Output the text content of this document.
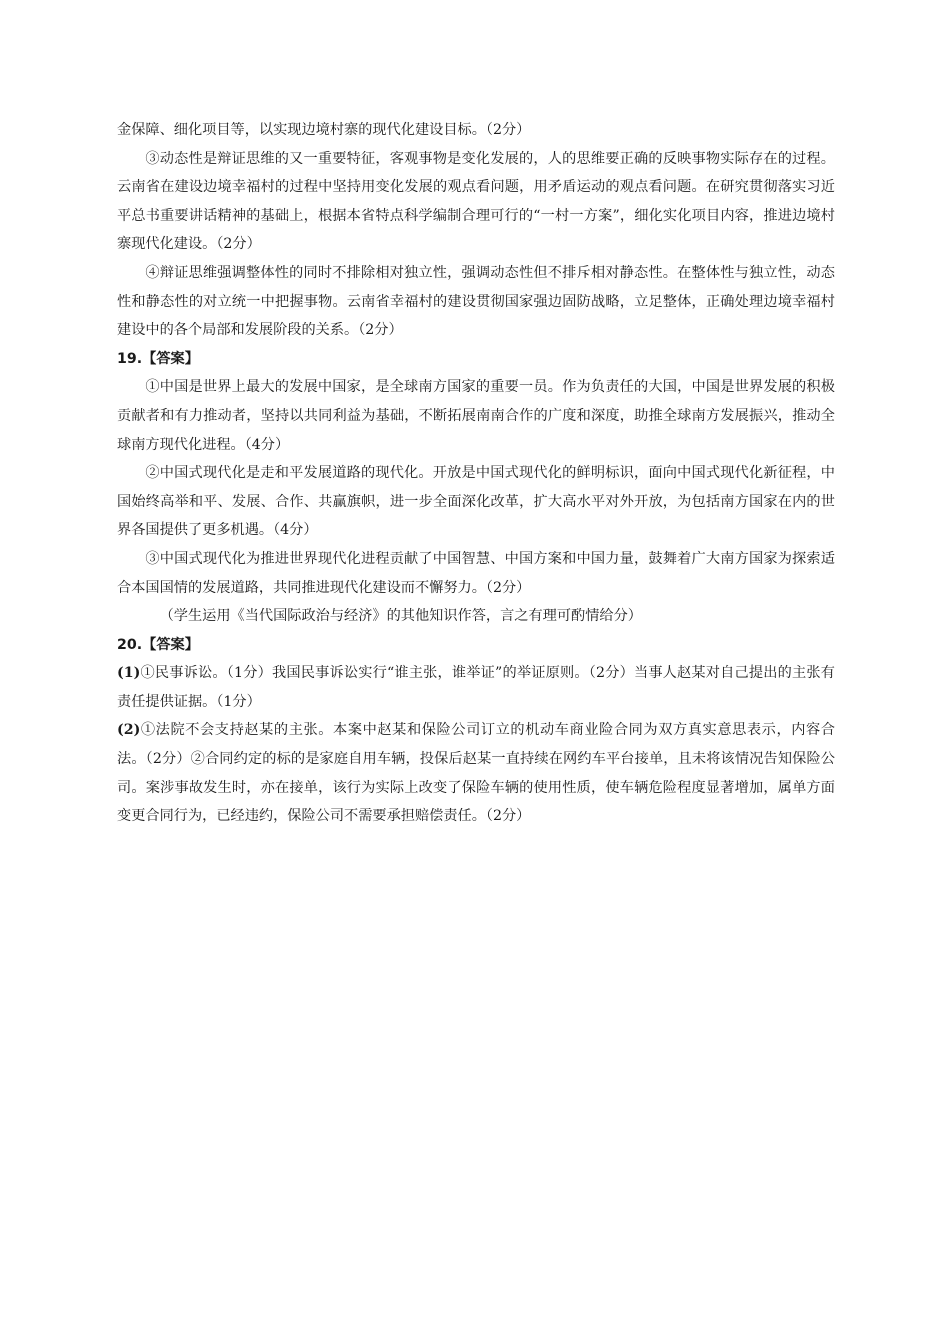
金保障、细化项目等，以实现边境村寨的现代化建设目标。（2分）

③动态性是辩证思维的又一重要特征，客观事物是变化发展的，人的思维要正确的反映事物实际存在的过程。云南省在建设边境幸福村的过程中坚持用变化发展的观点看问题，用矛盾运动的观点看问题。在研究贯彻落实习近平总书重要讲话精神的基础上，根据本省特点科学编制合理可行的“一村一方案”，细化实化项目内容，推进边境村寨现代化建设。（2分）

④辩证思维强调整体性的同时不排除相对独立性，强调动态性但不排斥相对静态性。在整体性与独立性，动态性和静态性的对立统一中把握事物。云南省幸福村的建设贯彻国家强边固防战略，立足整体，正确处理边境幸福村建设中的各个局部和发展阶段的关系。（2分）

19.【答案】

①中国是世界上最大的发展中国家，是全球南方国家的重要一员。作为负责任的大国，中国是世界发展的积极贡献者和有力推动者，坚持以共同利益为基础，不断拓展南南合作的广度和深度，助推全球南方发展振兴，推动全球南方现代化进程。（4分）

②中国式现代化是走和平发展道路的现代化。开放是中国式现代化的鲜明标识，面向中国式现代化新征程，中国始终高举和平、发展、合作、共赢旗帜，进一步全面深化改革，扩大高水平对外开放，为包括南方国家在内的世界各国提供了更多机遇。（4分）

③中国式现代化为推进世界现代化进程贡献了中国智慧、中国方案和中国力量，鼓舞着广大南方国家为探索适合本国国情的发展道路，共同推进现代化建设而不懈努力。（2分）

（学生运用《当代国际政治与经济》的其他知识作答，言之有理可酌情给分）

20.【答案】

(1)①民事诉讼。（1分）我国民事诉讼实行“谁主张，谁举证”的举证原则。（2分）当事人赵某对自己提出的主张有责任提供证据。（1分）

(2)①法院不会支持赵某的主张。本案中赵某和保险公司订立的机动车商业险合同为双方真实意思表示，内容合法。（2分）②合同约定的标的是家庭自用车辆，投保后赵某一直持续在网约车平台接单，且未将该情况告知保险公司。案涉事故发生时，亦在接单，该行为实际上改变了保险车辆的使用性质，使车辆危险程度显著增加，属单方面变更合同行为，已经违约，保险公司不需要承担赔偿责任。（2分）
